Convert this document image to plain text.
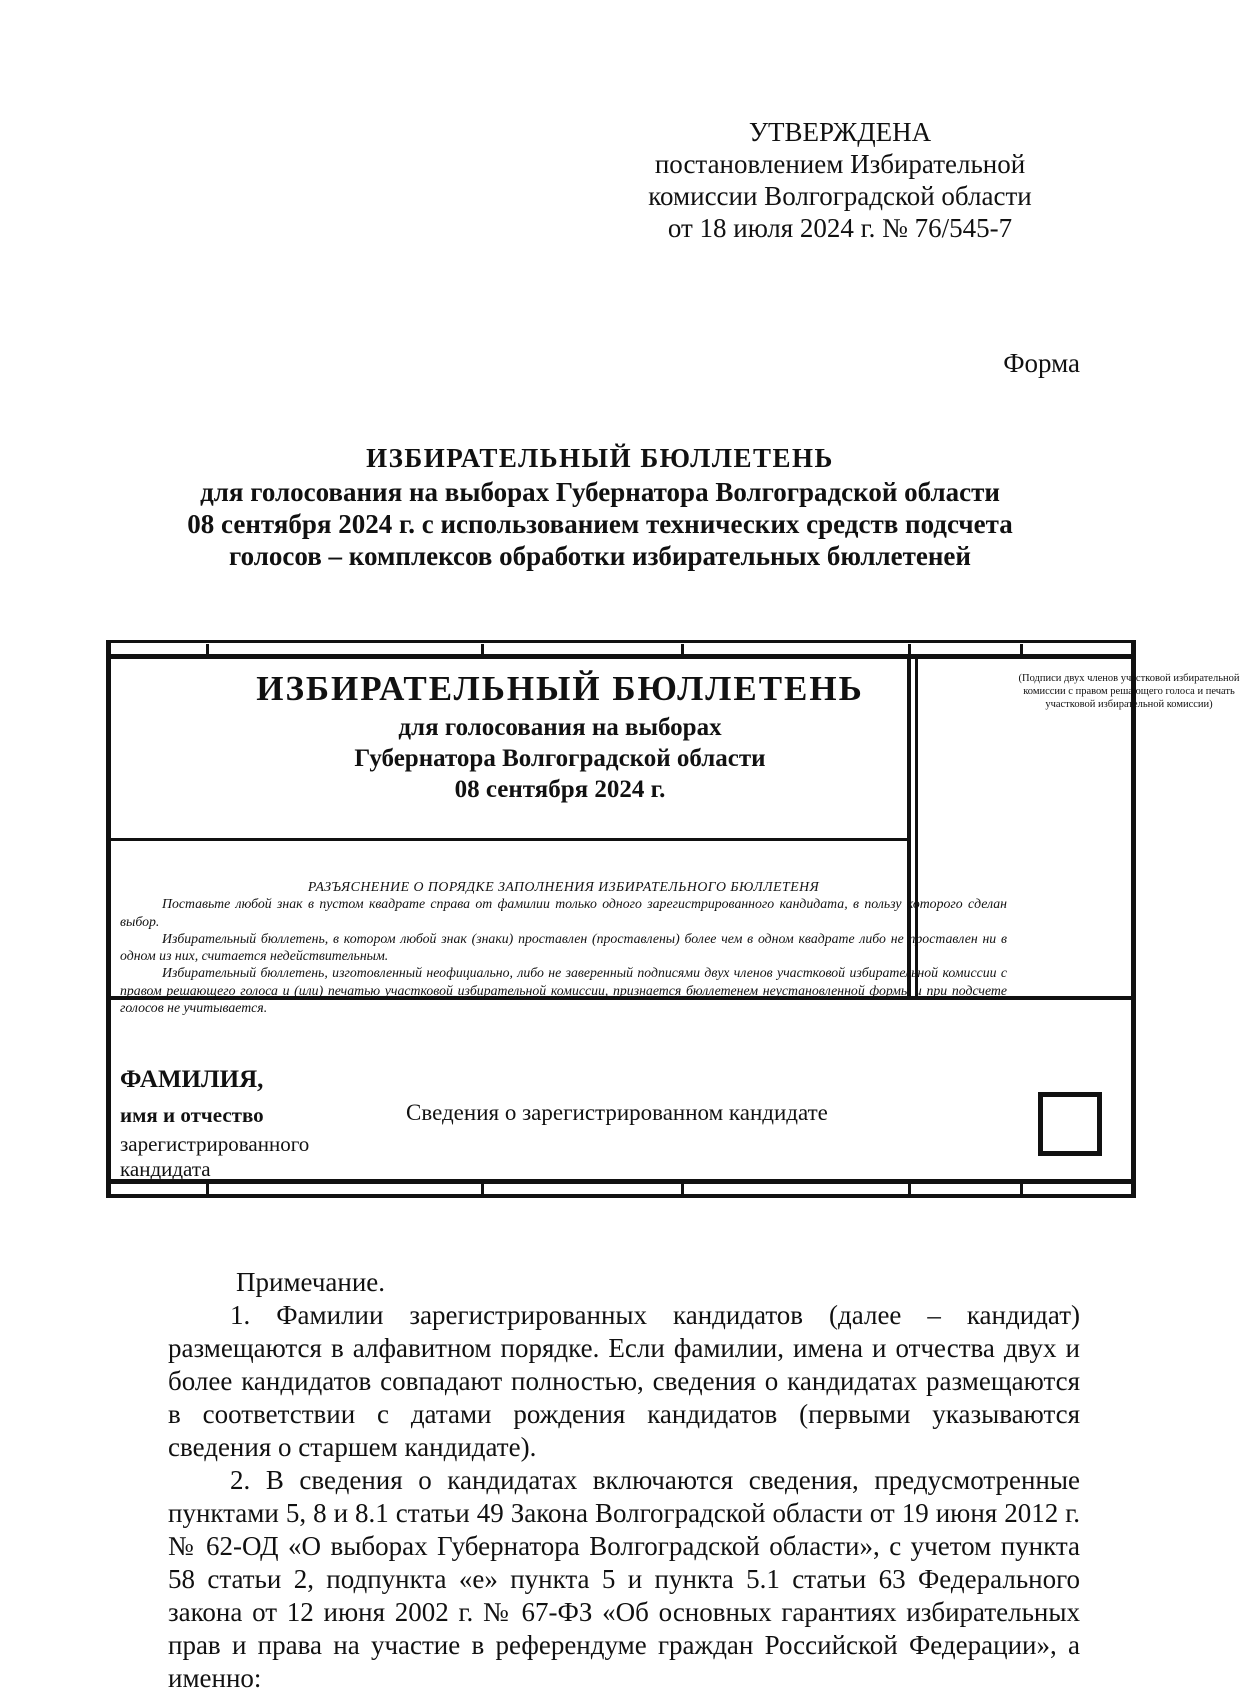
УТВЕРЖДЕНА
постановлением Избирательной
комиссии Волгоградской области
от 18 июля 2024 г. № 76/545-7
Форма
ИЗБИРАТЕЛЬНЫЙ БЮЛЛЕТЕНЬ
для голосования на выборах Губернатора Волгоградской области
08 сентября 2024 г. с использованием технических средств подсчета
голосов – комплексов обработки избирательных бюллетеней
ИЗБИРАТЕЛЬНЫЙ БЮЛЛЕТЕНЬ
для голосования на выборах
Губернатора Волгоградской области
08 сентября 2024 г.
(Подписи двух членов участковой избирательной комиссии с правом решающего голоса и печать участковой избирательной комиссии)
РАЗЪЯСНЕНИЕ О ПОРЯДКЕ ЗАПОЛНЕНИЯ ИЗБИРАТЕЛЬНОГО БЮЛЛЕТЕНЯ

Поставьте любой знак в пустом квадрате справа от фамилии только одного зарегистрированного кандидата, в пользу которого сделан выбор.

Избирательный бюллетень, в котором любой знак (знаки) проставлен (проставлены) более чем в одном квадрате либо не проставлен ни в одном из них, считается недействительным.

Избирательный бюллетень, изготовленный неофициально, либо не заверенный подписями двух членов участковой избирательной комиссии с правом решающего голоса и (или) печатью участковой избирательной комиссии, признается бюллетенем неустановленной формы и при подсчете голосов не учитывается.

ФАМИЛИЯ,
имя и отчество
зарегистрированного
кандидата
Сведения о зарегистрированном кандидате

Примечание.

1. Фамилии зарегистрированных кандидатов (далее – кандидат) размещаются в алфавитном порядке. Если фамилии, имена и отчества двух и более кандидатов совпадают полностью, сведения о кандидатах размещаются в соответствии с датами рождения кандидатов (первыми указываются сведения о старшем кандидате).

2. В сведения о кандидатах включаются сведения, предусмотренные пунктами 5, 8 и 8.1 статьи 49 Закона Волгоградской области от 19 июня 2012 г. № 62-ОД «О выборах Губернатора Волгоградской области», с учетом пункта 58 статьи 2, подпункта «е» пункта 5 и пункта 5.1 статьи 63 Федерального закона от 12 июня 2002 г. № 67-ФЗ «Об основных гарантиях избирательных прав и права на участие в референдуме граждан Российской Федерации», а именно:
